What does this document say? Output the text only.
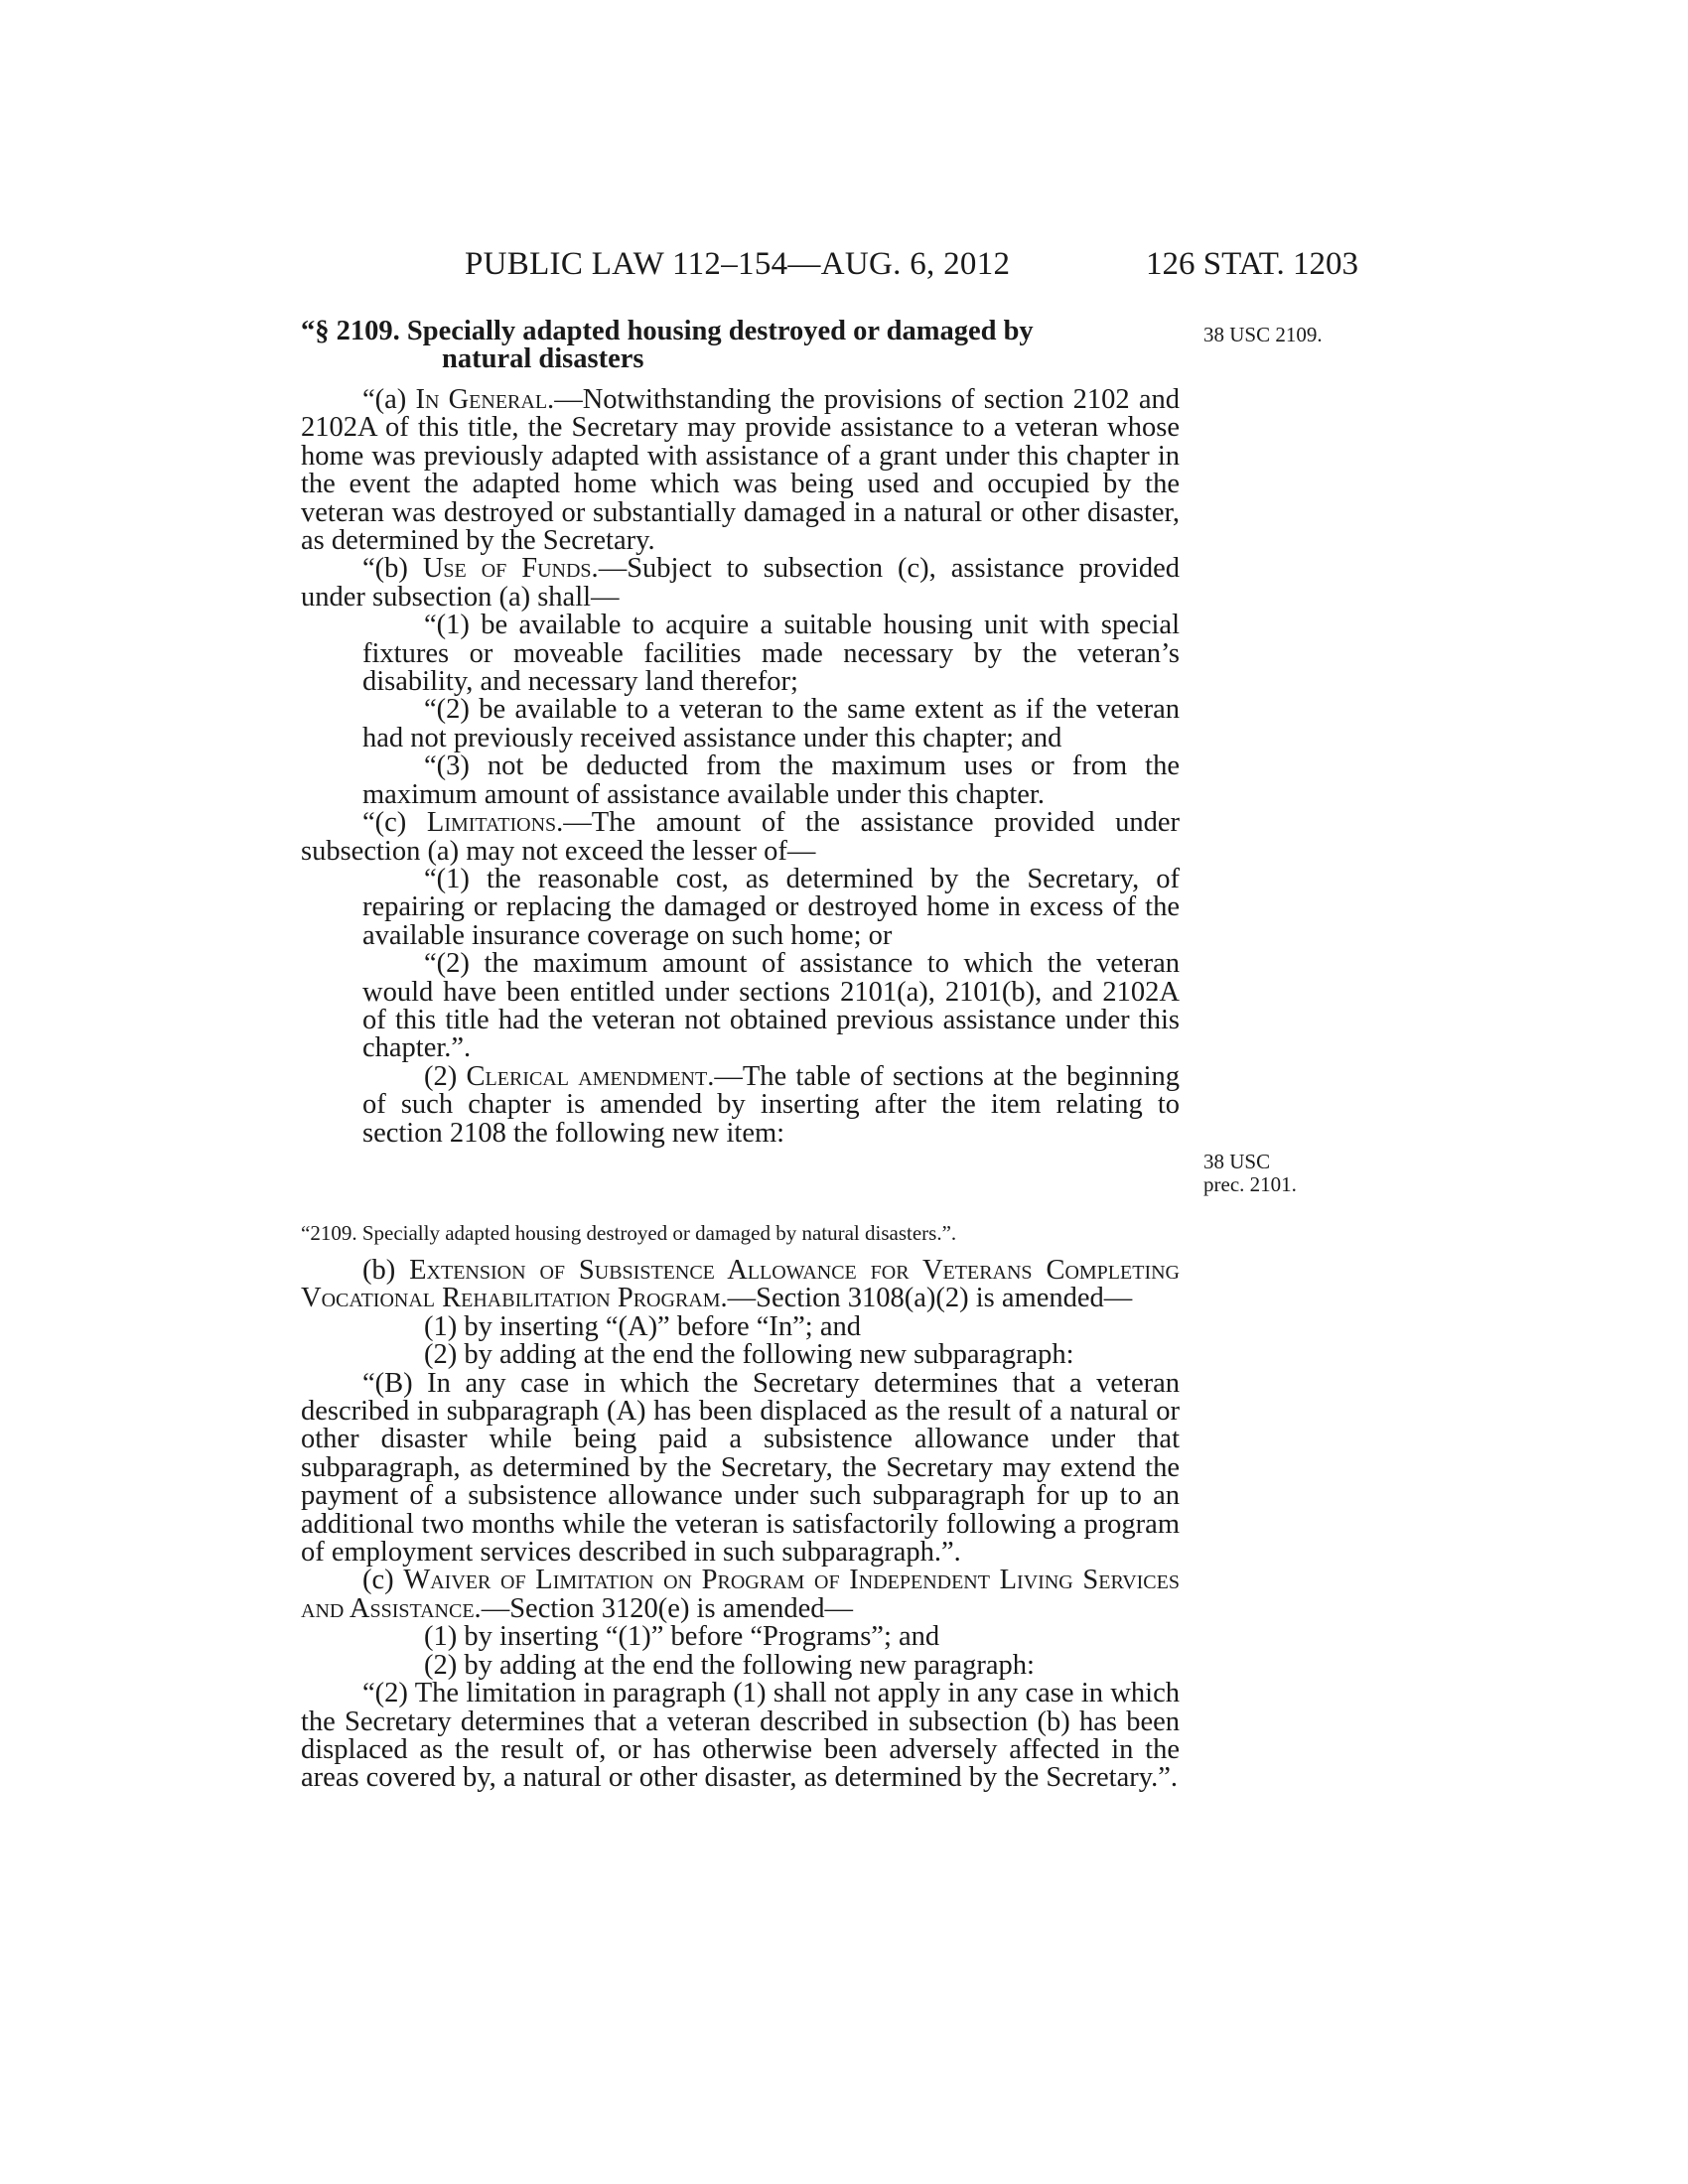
PUBLIC LAW 112–154—AUG. 6, 2012	126 STAT. 1203
“§ 2109. Specially adapted housing destroyed or damaged by
natural disasters
38 USC 2109.
38 USC
prec. 2101.

“(a) In General.—Notwithstanding the provisions of section 2102 and 2102A of this title, the Secretary may provide assistance to a veteran whose home was previously adapted with assistance of a grant under this chapter in the event the adapted home which was being used and occupied by the veteran was destroyed or substantially damaged in a natural or other disaster, as determined by the Secretary.

“(b) Use of Funds.—Subject to subsection (c), assistance provided under subsection (a) shall—

“(1) be available to acquire a suitable housing unit with special fixtures or moveable facilities made necessary by the veteran’s disability, and necessary land therefor;

“(2) be available to a veteran to the same extent as if the veteran had not previously received assistance under this chapter; and

“(3) not be deducted from the maximum uses or from the maximum amount of assistance available under this chapter.

“(c) Limitations.—The amount of the assistance provided under subsection (a) may not exceed the lesser of—

“(1) the reasonable cost, as determined by the Secretary, of repairing or replacing the damaged or destroyed home in excess of the available insurance coverage on such home; or

“(2) the maximum amount of assistance to which the veteran would have been entitled under sections 2101(a), 2101(b), and 2102A of this title had the veteran not obtained previous assistance under this chapter.”.

(2) Clerical amendment.—The table of sections at the beginning of such chapter is amended by inserting after the item relating to section 2108 the following new item:

“2109. Specially adapted housing destroyed or damaged by natural disasters.”.

(b) Extension of Subsistence Allowance for Veterans Completing Vocational Rehabilitation Program.—Section 3108(a)(2) is amended—

(1) by inserting “(A)” before “In”; and

(2) by adding at the end the following new subparagraph:

“(B) In any case in which the Secretary determines that a veteran described in subparagraph (A) has been displaced as the result of a natural or other disaster while being paid a subsistence allowance under that subparagraph, as determined by the Secretary, the Secretary may extend the payment of a subsistence allowance under such subparagraph for up to an additional two months while the veteran is satisfactorily following a program of employment services described in such subparagraph.”.

(c) Waiver of Limitation on Program of Independent Living Services and Assistance.—Section 3120(e) is amended—

(1) by inserting “(1)” before “Programs”; and

(2) by adding at the end the following new paragraph:

“(2) The limitation in paragraph (1) shall not apply in any case in which the Secretary determines that a veteran described in subsection (b) has been displaced as the result of, or has otherwise been adversely affected in the areas covered by, a natural or other disaster, as determined by the Secretary.”.
